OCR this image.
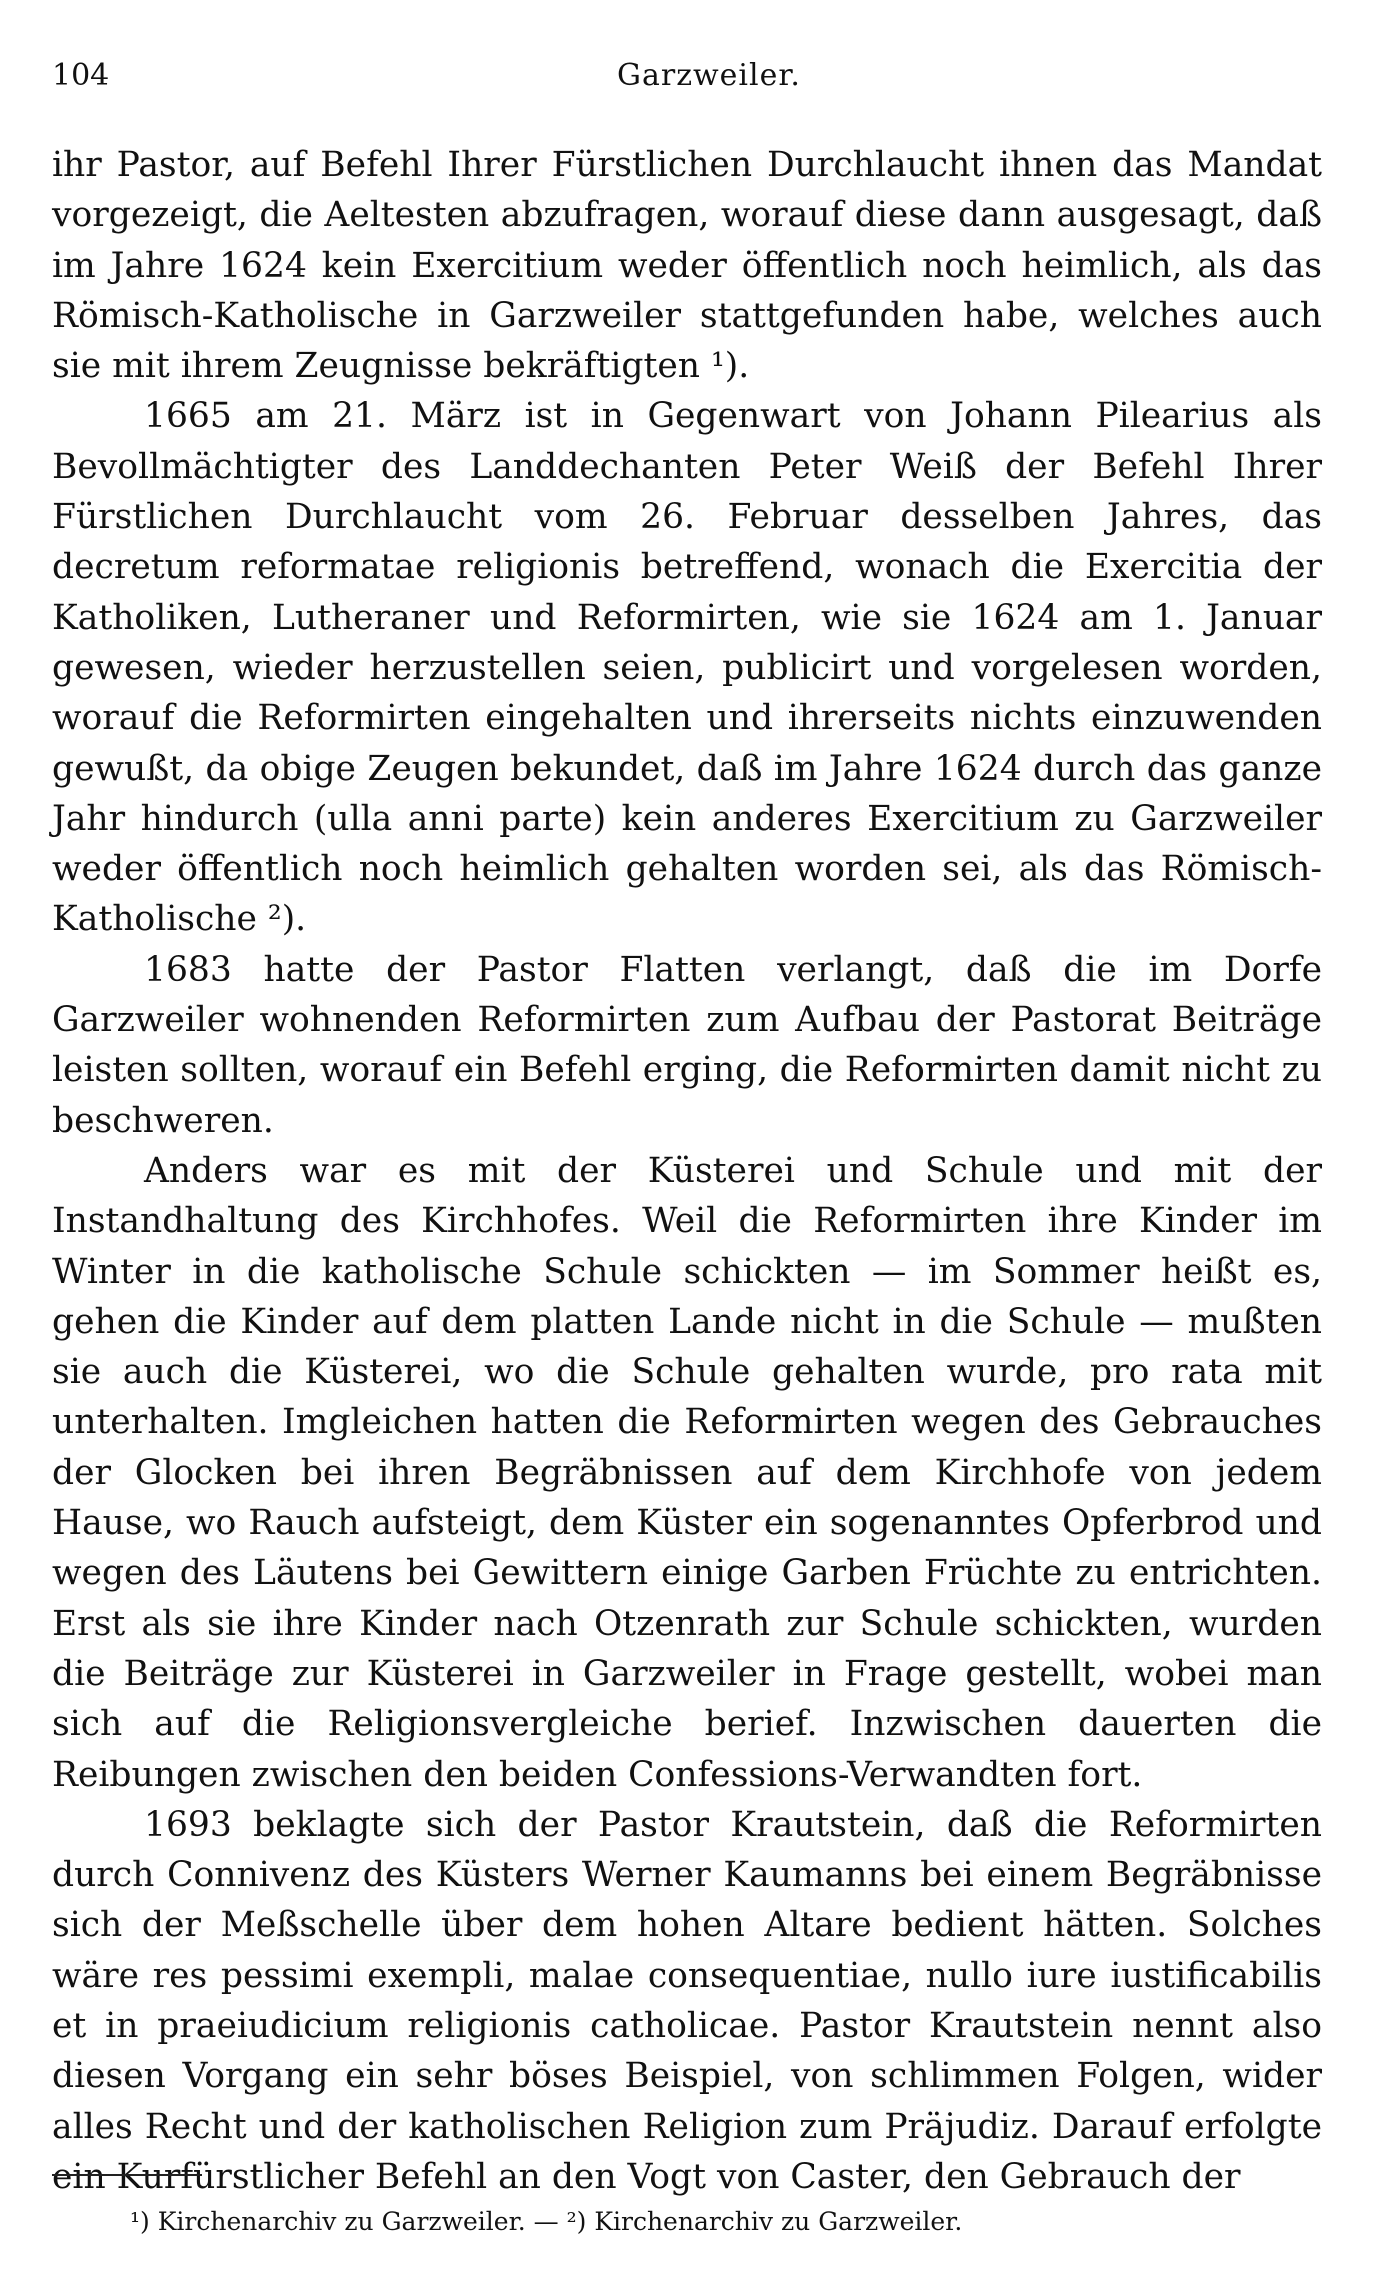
104	Garzweiler.

ihr Pastor, auf Befehl Ihrer Fürstlichen Durchlaucht ihnen das Mandat vorgezeigt, die Aeltesten abzufragen, worauf diese dann ausgesagt, daß im Jahre 1624 kein Exercitium weder öffentlich noch heimlich, als das Römisch-Katholische in Garzweiler stattgefunden habe, welches auch sie mit ihrem Zeugnisse bekräftigten ¹).

1665 am 21. März ist in Gegenwart von Johann Pilearius als Bevollmächtigter des Landdechanten Peter Weiß der Befehl Ihrer Fürstlichen Durchlaucht vom 26. Februar desselben Jahres, das decretum reformatae religionis betreffend, wonach die Exercitia der Katholiken, Lutheraner und Reformirten, wie sie 1624 am 1. Januar gewesen, wieder herzustellen seien, publicirt und vorgelesen worden, worauf die Reformirten eingehalten und ihrerseits nichts einzuwenden gewußt, da obige Zeugen bekundet, daß im Jahre 1624 durch das ganze Jahr hindurch (ulla anni parte) kein anderes Exercitium zu Garzweiler weder öffentlich noch heimlich gehalten worden sei, als das Römisch-Katholische ²).

1683 hatte der Pastor Flatten verlangt, daß die im Dorfe Garzweiler wohnenden Reformirten zum Aufbau der Pastorat Beiträge leisten sollten, worauf ein Befehl erging, die Reformirten damit nicht zu beschweren.

Anders war es mit der Küsterei und Schule und mit der Instandhaltung des Kirchhofes. Weil die Reformirten ihre Kinder im Winter in die katholische Schule schickten — im Sommer heißt es, gehen die Kinder auf dem platten Lande nicht in die Schule — mußten sie auch die Küsterei, wo die Schule gehalten wurde, pro rata mit unterhalten. Imgleichen hatten die Reformirten wegen des Gebrauches der Glocken bei ihren Begräbnissen auf dem Kirchhofe von jedem Hause, wo Rauch aufsteigt, dem Küster ein sogenanntes Opferbrod und wegen des Läutens bei Gewittern einige Garben Früchte zu entrichten. Erst als sie ihre Kinder nach Otzenrath zur Schule schickten, wurden die Beiträge zur Küsterei in Garzweiler in Frage gestellt, wobei man sich auf die Religionsvergleiche berief. Inzwischen dauerten die Reibungen zwischen den beiden Confessions-Verwandten fort.

1693 beklagte sich der Pastor Krautstein, daß die Reformirten durch Connivenz des Küsters Werner Kaumanns bei einem Begräbnisse sich der Meßschelle über dem hohen Altare bedient hätten. Solches wäre res pessimi exempli, malae consequentiae, nullo iure iustificabilis et in praeiudicium religionis catholicae. Pastor Krautstein nennt also diesen Vorgang ein sehr böses Beispiel, von schlimmen Folgen, wider alles Recht und der katholischen Religion zum Präjudiz. Darauf erfolgte ein Kurfürstlicher Befehl an den Vogt von Caster, den Gebrauch der

¹) Kirchenarchiv zu Garzweiler. — ²) Kirchenarchiv zu Garzweiler.
